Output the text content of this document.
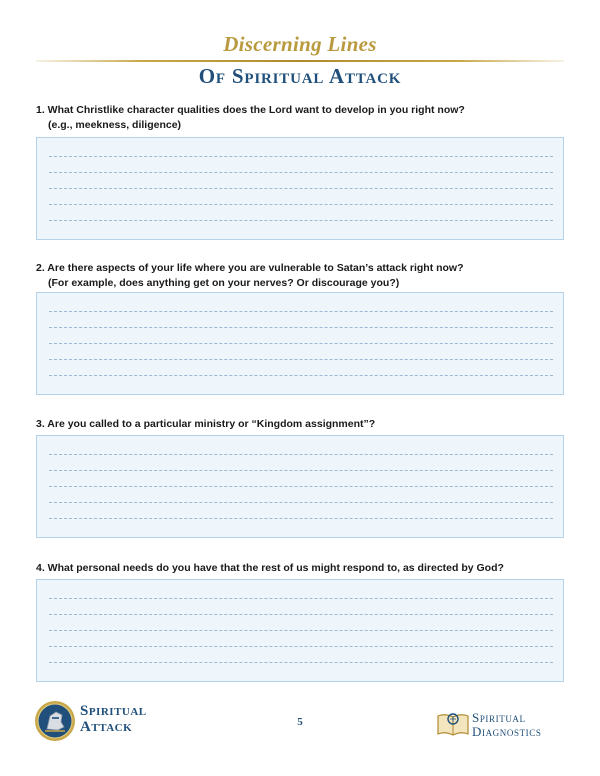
Discerning Lines
Of Spiritual Attack
1. What Christlike character qualities does the Lord want to develop in you right now?
(e.g., meekness, diligence)
2. Are there aspects of your life where you are vulnerable to Satan’s attack right now?
(For example, does anything get on your nerves? Or discourage you?)
3. Are you called to a particular ministry or “Kingdom assignment”?
4. What personal needs do you have that the rest of us might respond to, as directed by God?
Spiritual
Attack	5	Spiritual
Diagnostics
